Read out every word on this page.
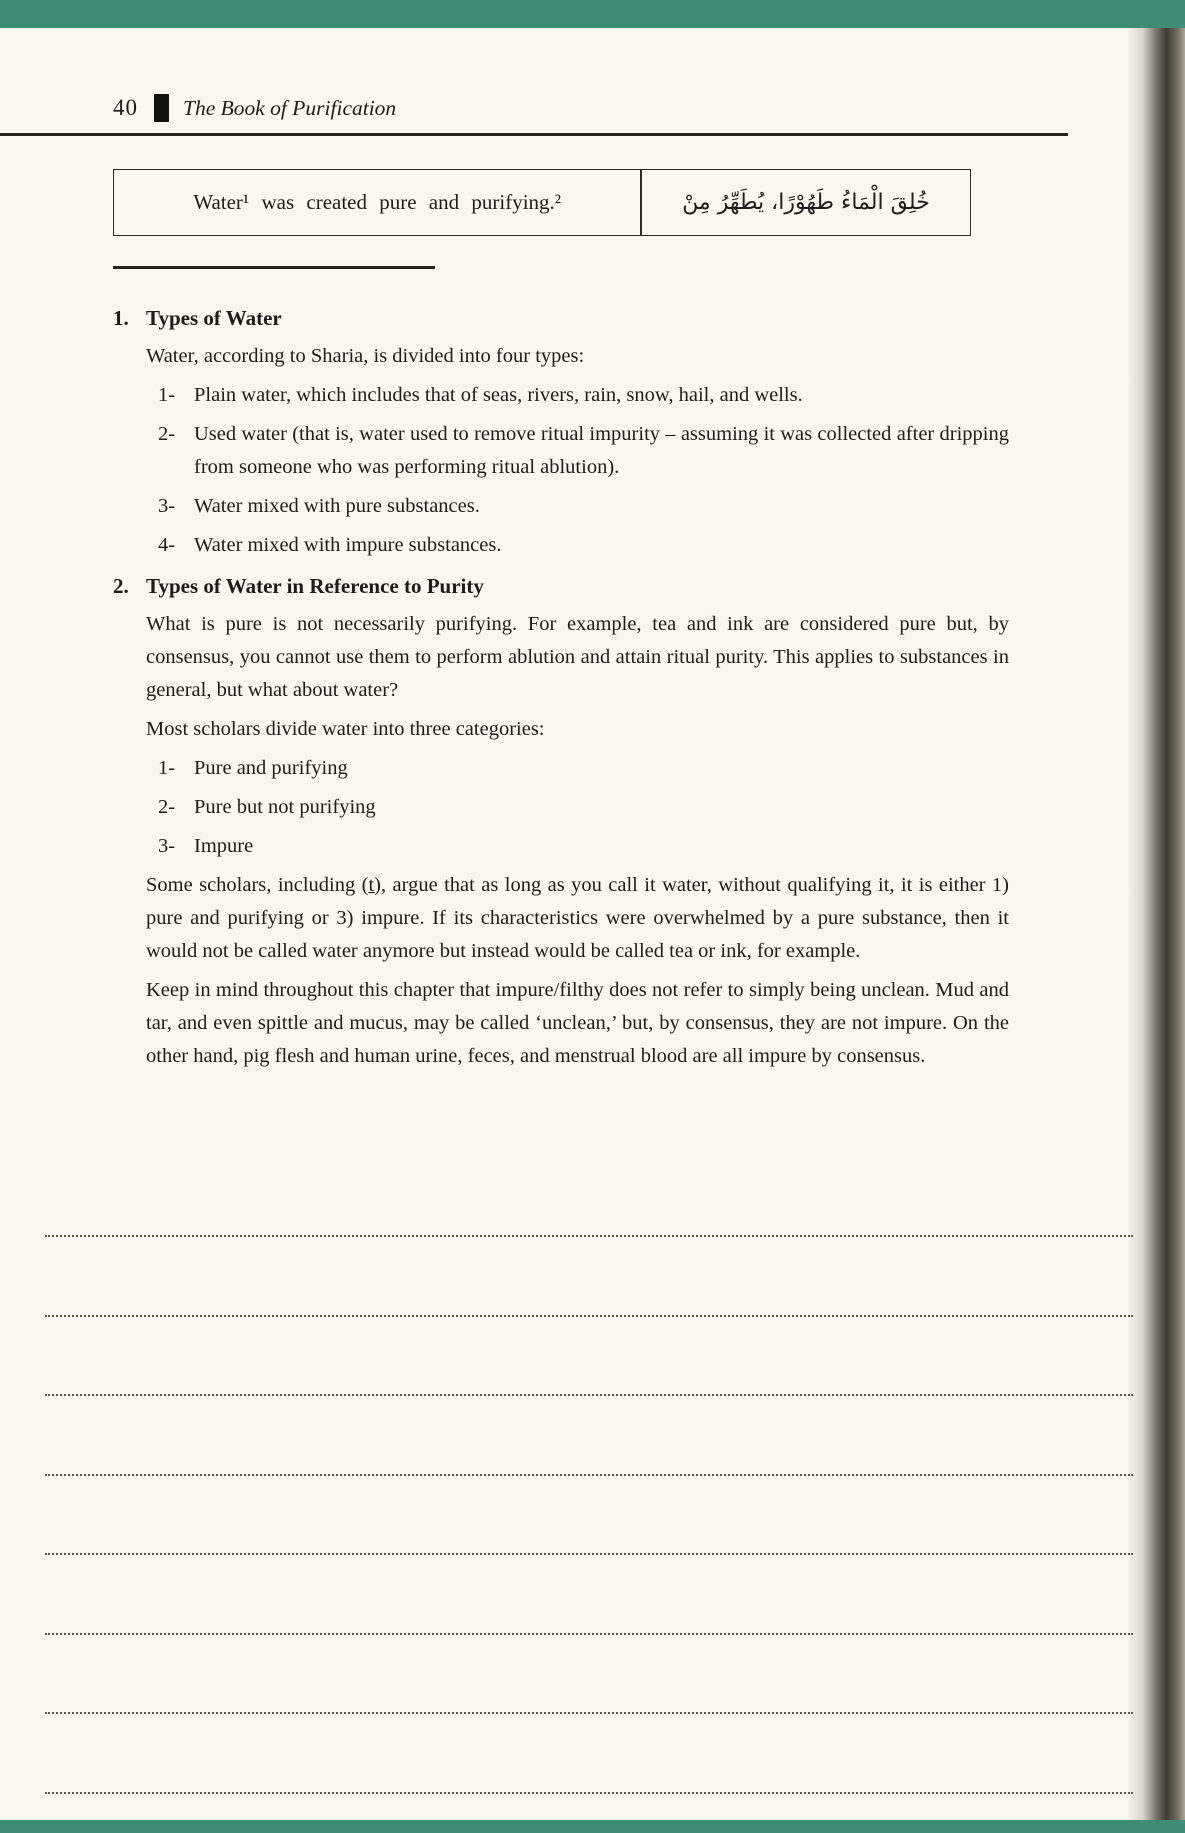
40 The Book of Purification
Water¹ was created pure and purifying.²	خُلِقَ الْمَاءُ طَهُوْرًا، يُطَهِّرُ مِنْ
1. Types of Water

Water, according to Sharia, is divided into four types:

1- Plain water, which includes that of seas, rivers, rain, snow, hail, and wells.
2- Used water (that is, water used to remove ritual impurity – assuming it was collected after dripping from someone who was performing ritual ablution).
3- Water mixed with pure substances.
4- Water mixed with impure substances.
2. Types of Water in Reference to Purity

What is pure is not necessarily purifying. For example, tea and ink are considered pure but, by consensus, you cannot use them to perform ablution and attain ritual purity. This applies to substances in general, but what about water?

Most scholars divide water into three categories:

1- Pure and purifying
2- Pure but not purifying
3- Impure

Some scholars, including (ṯ), argue that as long as you call it water, without qualifying it, it is either 1) pure and purifying or 3) impure. If its characteristics were overwhelmed by a pure substance, then it would not be called water anymore but instead would be called tea or ink, for example.

Keep in mind throughout this chapter that impure/filthy does not refer to simply being unclean. Mud and tar, and even spittle and mucus, may be called ‘unclean,’ but, by consensus, they are not impure. On the other hand, pig flesh and human urine, feces, and menstrual blood are all impure by consensus.
